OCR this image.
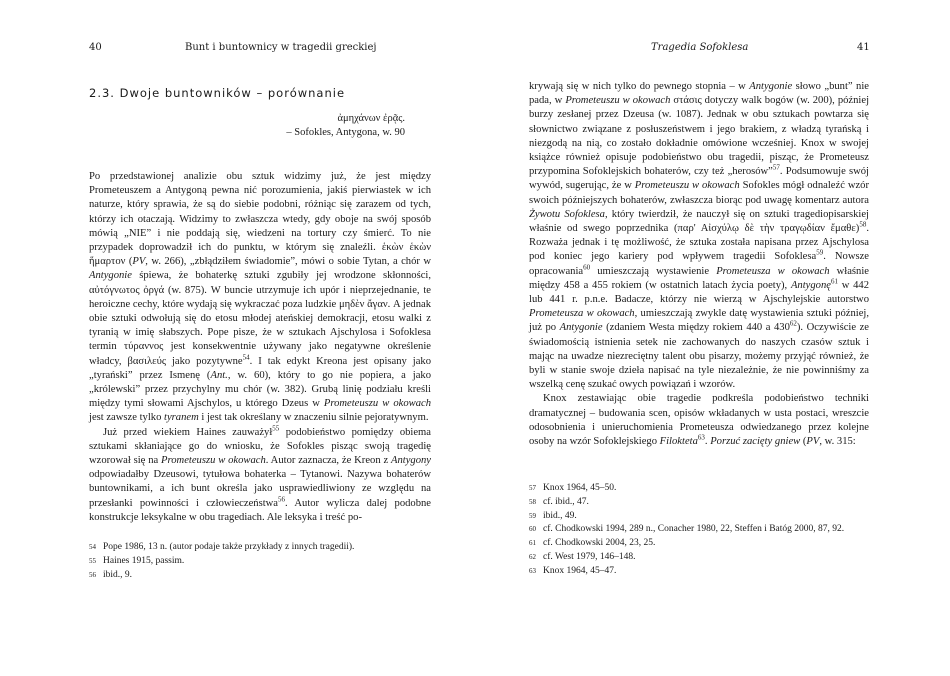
40	Bunt i buntownicy w tragedii greckiej
2.3. Dwoje buntowników – porównanie
ἀμηχάνων ἐρᾷς.
– Sofokles, Antygona, w. 90

Po przedstawionej analizie obu sztuk widzimy już, że jest między Prometeuszem a Antygoną pewna nić porozumienia, jakiś pierwiastek w ich naturze, który sprawia, że są do siebie podobni, różniąc się zarazem od tych, którzy ich otaczają. Widzimy to zwłaszcza wtedy, gdy oboje na swój sposób mówią „NIE” i nie poddają się, wiedzeni na tortury czy śmierć. To nie przypadek doprowadził ich do punktu, w którym się znaleźli. ἑκὼν ἑκὼν ἥμαρτον (PV, w. 266), „zbłądziłem świadomie”, mówi o sobie Tytan, a chór w Antygonie śpiewa, że bohaterkę sztuki zgubiły jej wrodzone skłonności, αὐτόγνωτος ὀργά (w. 875). W buncie utrzymuje ich upór i nieprzejednanie, te heroiczne cechy, które wydają się wykraczać poza ludzkie μηδὲν ἄγαν. A jednak obie sztuki odwołują się do etosu młodej ateńskiej demokracji, etosu walki z tyranią w imię słabszych. Pope pisze, że w sztukach Ajschylosa i Sofoklesa termin τύραννος jest konsekwentnie używany jako negatywne określenie władcy, βασιλεύς jako pozytywne$^{54}$. I tak edykt Kreona jest opisany jako „tyrański” przez Ismenę (Ant., w. 60), który to go nie popiera, a jako „królewski” przez przychylny mu chór (w. 382). Grubą linię podziału kreśli między tymi słowami Ajschylos, u którego Dzeus w Prometeuszu w okowach jest zawsze tylko tyranem i jest tak określany w znaczeniu silnie pejoratywnym.

Już przed wiekiem Haines zauważył$^{55}$ podobieństwo pomiędzy obiema sztukami skłaniające go do wniosku, że Sofokles pisząc swoją tragedię wzorował się na Prometeuszu w okowach. Autor zaznacza, że Kreon z Antygony odpowiadałby Dzeusowi, tytułowa bohaterka – Tytanowi. Nazywa bohaterów buntownikami, a ich bunt określa jako usprawiedliwiony ze względu na przesłanki powinności i człowieczeństwa$^{56}$. Autor wylicza dalej podobne konstrukcje leksykalne w obu tragediach. Ale leksyka i treść po-

54 Pope 1986, 13 n. (autor podaje także przykłady z innych tragedii).
55 Haines 1915, passim.
56 ibid., 9.
Tragedia Sofoklesa	41

krywają się w nich tylko do pewnego stopnia – w Antygonie słowo „bunt” nie pada, w Prometeuszu w okowach στάσις dotyczy walk bogów (w. 200), później burzy zesłanej przez Dzeusa (w. 1087). Jednak w obu sztukach powtarza się słownictwo związane z posłuszeństwem i jego brakiem, z władzą tyrańską i niezgodą na nią, co zostało dokładnie omówione wcześniej. Knox w swojej książce również opisuje podobieństwo obu tragedii, pisząc, że Prometeusz przypomina Sofoklejskich bohaterów, czy też „herosów”$^{57}$. Podsumowuje swój wywód, sugerując, że w Prometeuszu w okowach Sofokles mógł odnaleźć wzór swoich późniejszych bohaterów, zwłaszcza biorąc pod uwagę komentarz autora Żywotu Sofoklesa, który twierdził, że nauczył się on sztuki tragediopisarskiej właśnie od swego poprzednika (παρ' Αἰσχύλῳ δὲ τὴν τραγῳδίαν ἔμαθε)$^{58}$. Rozważa jednak i tę możliwość, że sztuka została napisana przez Ajschylosa pod koniec jego kariery pod wpływem tragedii Sofoklesa$^{59}$. Nowsze opracowania$^{60}$ umieszczają wystawienie Prometeusza w okowach właśnie między 458 a 455 rokiem (w ostatnich latach życia poety), Antygonę$^{61}$ w 442 lub 441 r. p.n.e. Badacze, którzy nie wierzą w Ajschylejskie autorstwo Prometeusza w okowach, umieszczają zwykle datę wystawienia sztuki później, już po Antygonie (zdaniem Westa między rokiem 440 a $430^{62}$). Oczywiście ze świadomością istnienia setek nie zachowanych do naszych czasów sztuk i mając na uwadze niezreciętny talent obu pisarzy, możemy przyjąć również, że byli w stanie swoje dzieła napisać na tyle niezależnie, że nie powinniśmy za wszelką cenę szukać owych powiązań i wzorów.

Knox zestawiając obie tragedie podkreśla podobieństwo techniki dramatycznej – budowania scen, opisów wkładanych w usta postaci, wreszcie odosobnienia i unieruchomienia Prometeusza odwiedzanego przez kolejne osoby na wzór Sofoklejskiego Filokteta$^{63}$. Porzuć zacięty gniew (PV, w. 315:

57 Knox 1964, 45–50.
58 cf. ibid., 47.
59 ibid., 49.
60 cf. Chodkowski 1994, 289 n., Conacher 1980, 22, Steffen i Batóg 2000, 87, 92.
61 cf. Chodkowski 2004, 23, 25.
62 cf. West 1979, 146–148.
63 Knox 1964, 45–47.
